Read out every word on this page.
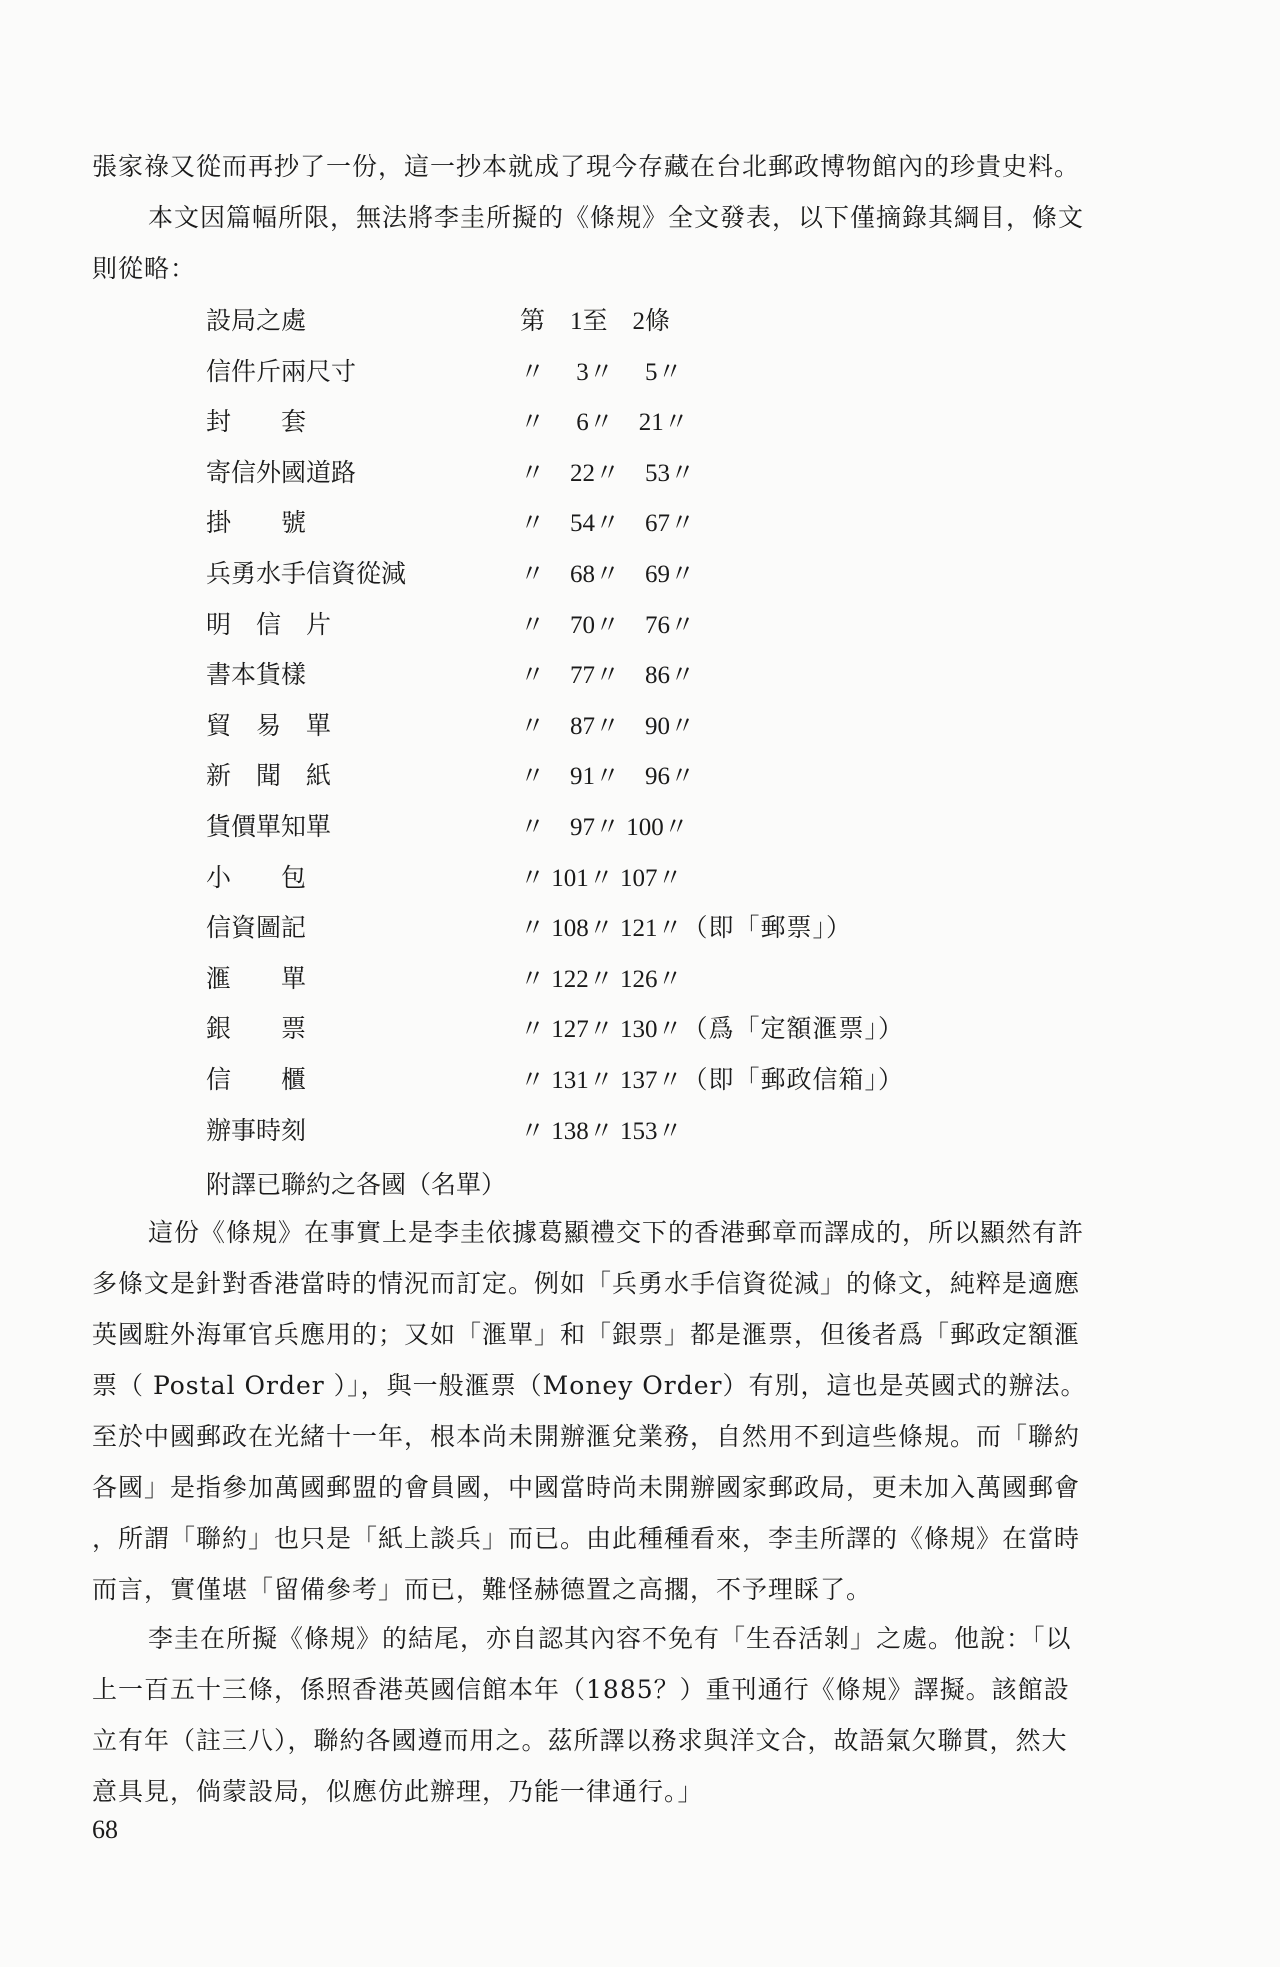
張家祿又從而再抄了一份，這一抄本就成了現今存藏在台北郵政博物館內的珍貴史料。
本文因篇幅所限，無法將李圭所擬的《條規》全文發表，以下僅摘錄其綱目，條文
則從略：
設局之處	第　1至　2條
信件斤兩尺寸	〃　 3〃　 5〃
封　　套	〃　 6〃　21〃
寄信外國道路	〃　22〃　53〃
掛　　號	〃　54〃　67〃
兵勇水手信資從減	〃　68〃　69〃
明　信　片	〃　70〃　76〃
書本貨樣	〃　77〃　86〃
貿　易　單	〃　87〃　90〃
新　聞　紙	〃　91〃　96〃
貨價單知單	〃　97〃 100〃
小　　包	〃 101〃 107〃
信資圖記	〃 108〃 121〃（即「郵票」）
滙　　單	〃 122〃 126〃
銀　　票	〃 127〃 130〃（爲「定額滙票」）
信　　櫃	〃 131〃 137〃（即「郵政信箱」）
辦事時刻	〃 138〃 153〃
附譯已聯約之各國（名單）
這份《條規》在事實上是李圭依據葛顯禮交下的香港郵章而譯成的，所以顯然有許
多條文是針對香港當時的情況而訂定。例如「兵勇水手信資從減」的條文，純粹是適應
英國駐外海軍官兵應用的；又如「滙單」和「銀票」都是滙票，但後者爲「郵政定額滙
票（ Postal Order ）」，與一般滙票（Money Order）有別，這也是英國式的辦法。
至於中國郵政在光緒十一年，根本尚未開辦滙兌業務，自然用不到這些條規。而「聯約
各國」是指參加萬國郵盟的會員國，中國當時尚未開辦國家郵政局，更未加入萬國郵會
，所謂「聯約」也只是「紙上談兵」而已。由此種種看來，李圭所譯的《條規》在當時
而言，實僅堪「留備參考」而已，難怪赫德置之高擱，不予理睬了。
李圭在所擬《條規》的結尾，亦自認其內容不免有「生吞活剝」之處。他說：「以
上一百五十三條，係照香港英國信館本年（1885？）重刊通行《條規》譯擬。該館設
立有年（註三八），聯約各國遵而用之。茲所譯以務求與洋文合，故語氣欠聯貫，然大
意具見，倘蒙設局，似應仿此辦理，乃能一律通行。」
68
